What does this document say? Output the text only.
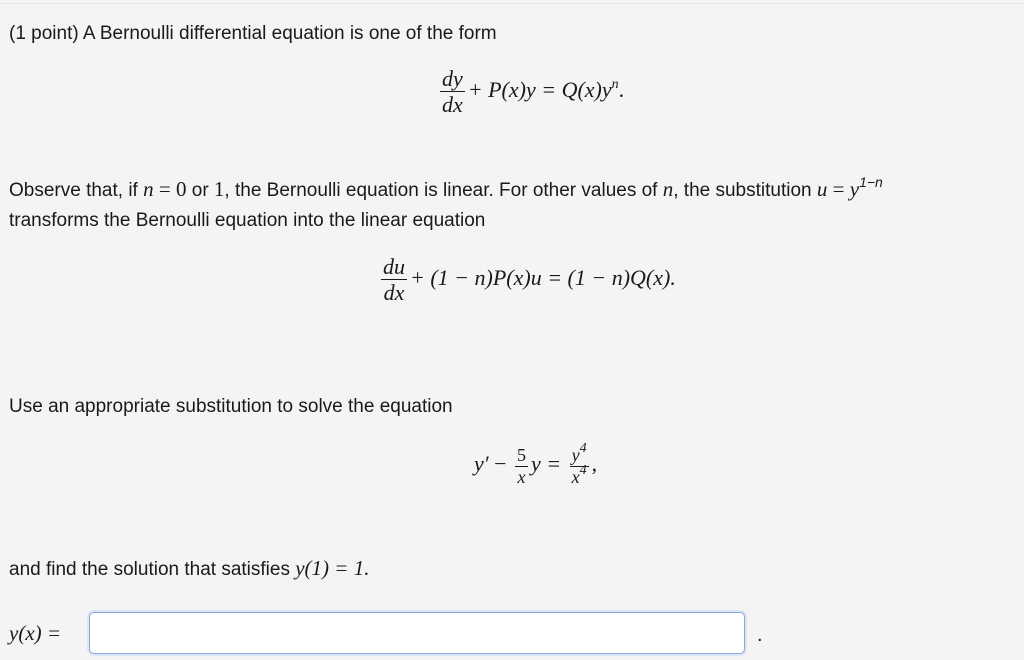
(1 point) A Bernoulli differential equation is one of the form
$\frac{dy}{dx} + P(x)y = Q(x)y^n$.
Observe that, if n = 0 or 1, the Bernoulli equation is linear. For other values of n, the substitution $u = y^{1-n}$
transforms the Bernoulli equation into the linear equation
$\frac{du}{dx} + (1 - n)P(x)u = (1 - n)Q(x)$.
Use an appropriate substitution to solve the equation
$y' - \frac{5}{x}$ $y = \frac{y^4}{x^4}$ ,
and find the solution that satisfies y(1) = 1.
y(x) =	.
